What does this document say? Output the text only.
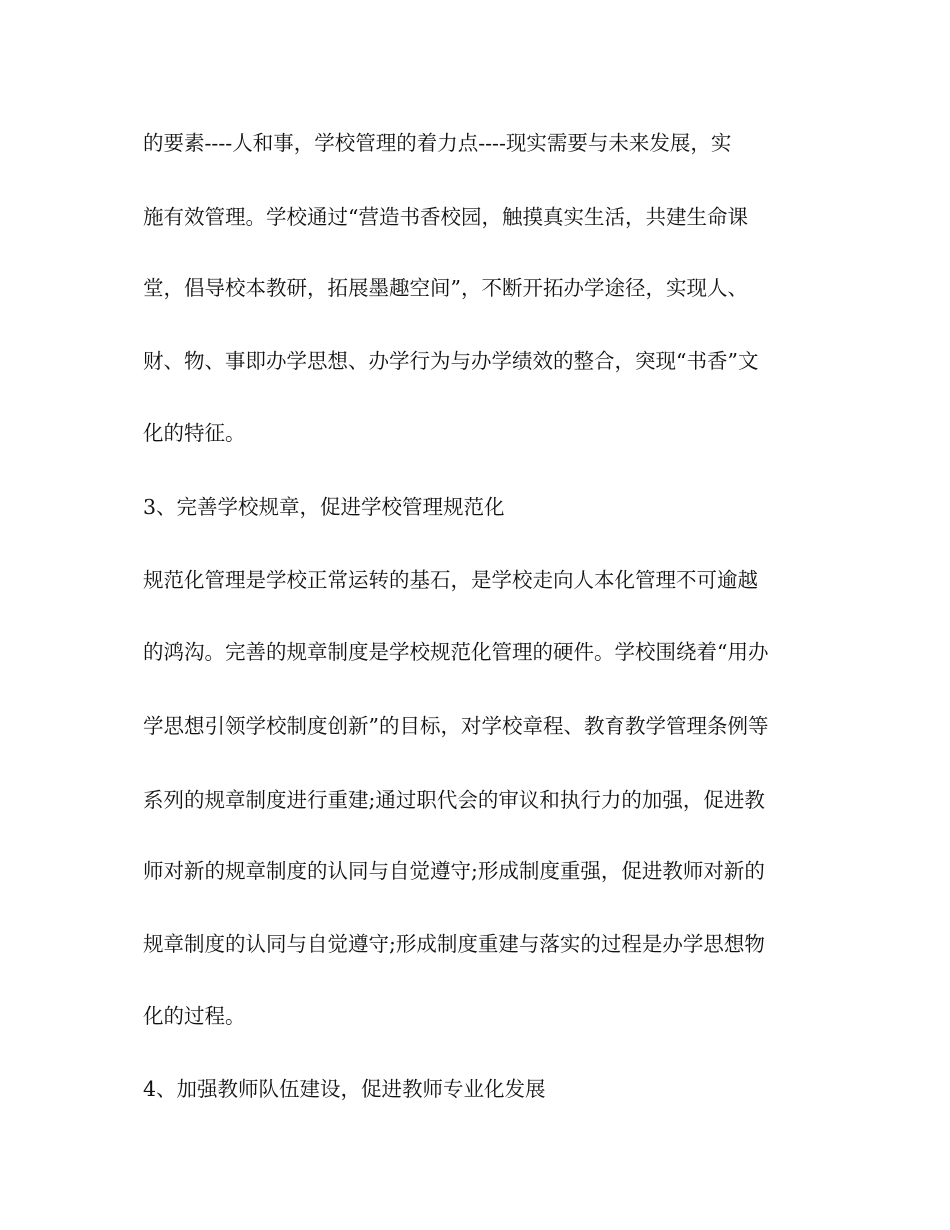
的要素----人和事，学校管理的着力点----现实需要与未来发展，实
施有效管理。学校通过“营造书香校园，触摸真实生活，共建生命课
堂，倡导校本教研，拓展墨趣空间”，不断开拓办学途径，实现人、
财、物、事即办学思想、办学行为与办学绩效的整合，突现“书香”文
化的特征。
3、完善学校规章，促进学校管理规范化
规范化管理是学校正常运转的基石，是学校走向人本化管理不可逾越
的鸿沟。完善的规章制度是学校规范化管理的硬件。学校围绕着“用办
学思想引领学校制度创新”的目标，对学校章程、教育教学管理条例等
系列的规章制度进行重建;通过职代会的审议和执行力的加强，促进教
师对新的规章制度的认同与自觉遵守;形成制度重强，促进教师对新的
规章制度的认同与自觉遵守;形成制度重建与落实的过程是办学思想物
化的过程。
4、加强教师队伍建设，促进教师专业化发展
